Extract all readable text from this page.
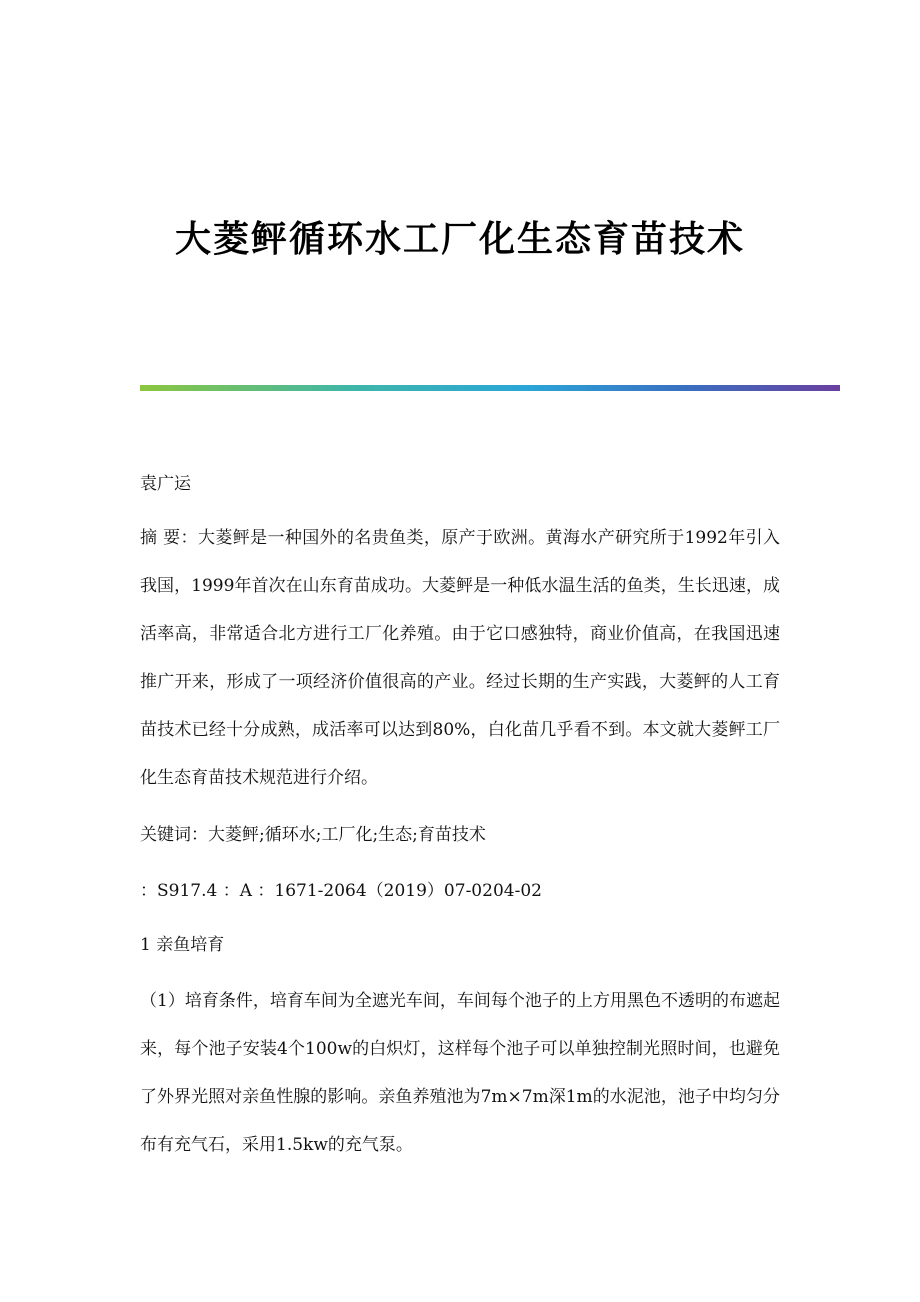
大菱鲆循环水工厂化生态育苗技术
袁广运

摘 要：大菱鲆是一种国外的名贵鱼类，原产于欧洲。黄海水产研究所于1992年引入我国，1999年首次在山东育苗成功。大菱鲆是一种低水温生活的鱼类，生长迅速，成活率高，非常适合北方进行工厂化养殖。由于它口感独特，商业价值高，在我国迅速推广开来，形成了一项经济价值很高的产业。经过长期的生产实践，大菱鲆的人工育苗技术已经十分成熟，成活率可以达到80%，白化苗几乎看不到。本文就大菱鲆工厂化生态育苗技术规范进行介绍。

关键词：大菱鲆;循环水;工厂化;生态;育苗技术
：S917.4 ：A ：1671-2064（2019）07-0204-02
1 亲鱼培育

（1）培育条件，培育车间为全遮光车间，车间每个池子的上方用黑色不透明的布遮起来，每个池子安装4个100w的白炽灯，这样每个池子可以单独控制光照时间，也避免了外界光照对亲鱼性腺的影响。亲鱼养殖池为7m×7m深1m的水泥池，池子中均匀分布有充气石，采用1.5kw的充气泵。
